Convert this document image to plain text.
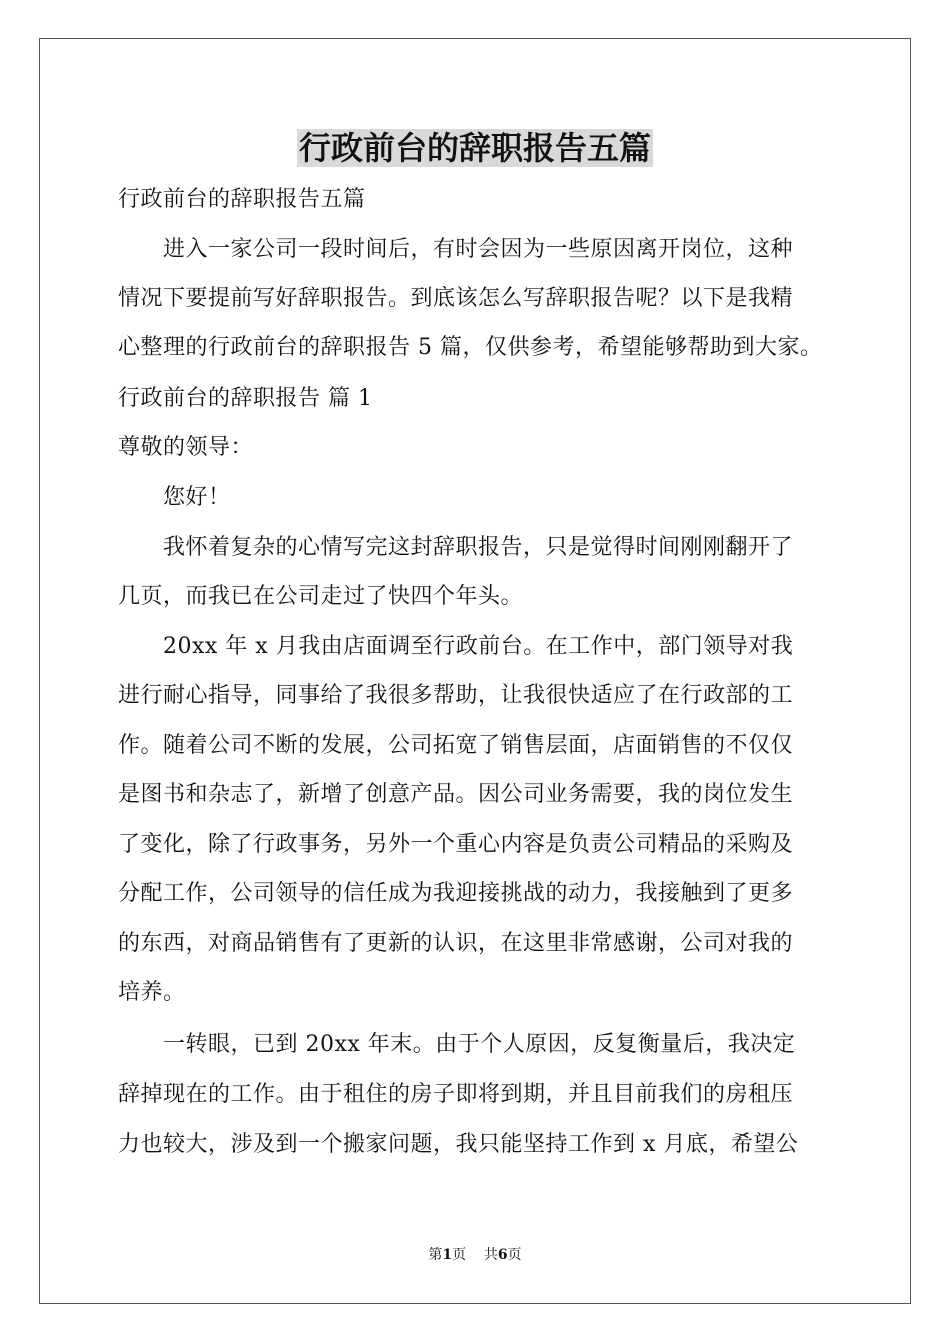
行政前台的辞职报告五篇

行政前台的辞职报告五篇

　　进入一家公司一段时间后，有时会因为一些原因离开岗位，这种

情况下要提前写好辞职报告。到底该怎么写辞职报告呢？以下是我精

心整理的行政前台的辞职报告 5 篇，仅供参考，希望能够帮助到大家。

行政前台的辞职报告 篇 1

尊敬的领导：

　　您好！

　　我怀着复杂的心情写完这封辞职报告，只是觉得时间刚刚翻开了

几页，而我已在公司走过了快四个年头。

　　20xx 年 x 月我由店面调至行政前台。在工作中，部门领导对我

进行耐心指导，同事给了我很多帮助，让我很快适应了在行政部的工

作。随着公司不断的发展，公司拓宽了销售层面，店面销售的不仅仅

是图书和杂志了，新增了创意产品。因公司业务需要，我的岗位发生

了变化，除了行政事务，另外一个重心内容是负责公司精品的采购及

分配工作，公司领导的信任成为我迎接挑战的动力，我接触到了更多

的东西，对商品销售有了更新的认识，在这里非常感谢，公司对我的

培养。

　　一转眼，已到 20xx 年末。由于个人原因，反复衡量后，我决定

辞掉现在的工作。由于租住的房子即将到期，并且目前我们的房租压

力也较大，涉及到一个搬家问题，我只能坚持工作到 x 月底，希望公

第1页 共6页
